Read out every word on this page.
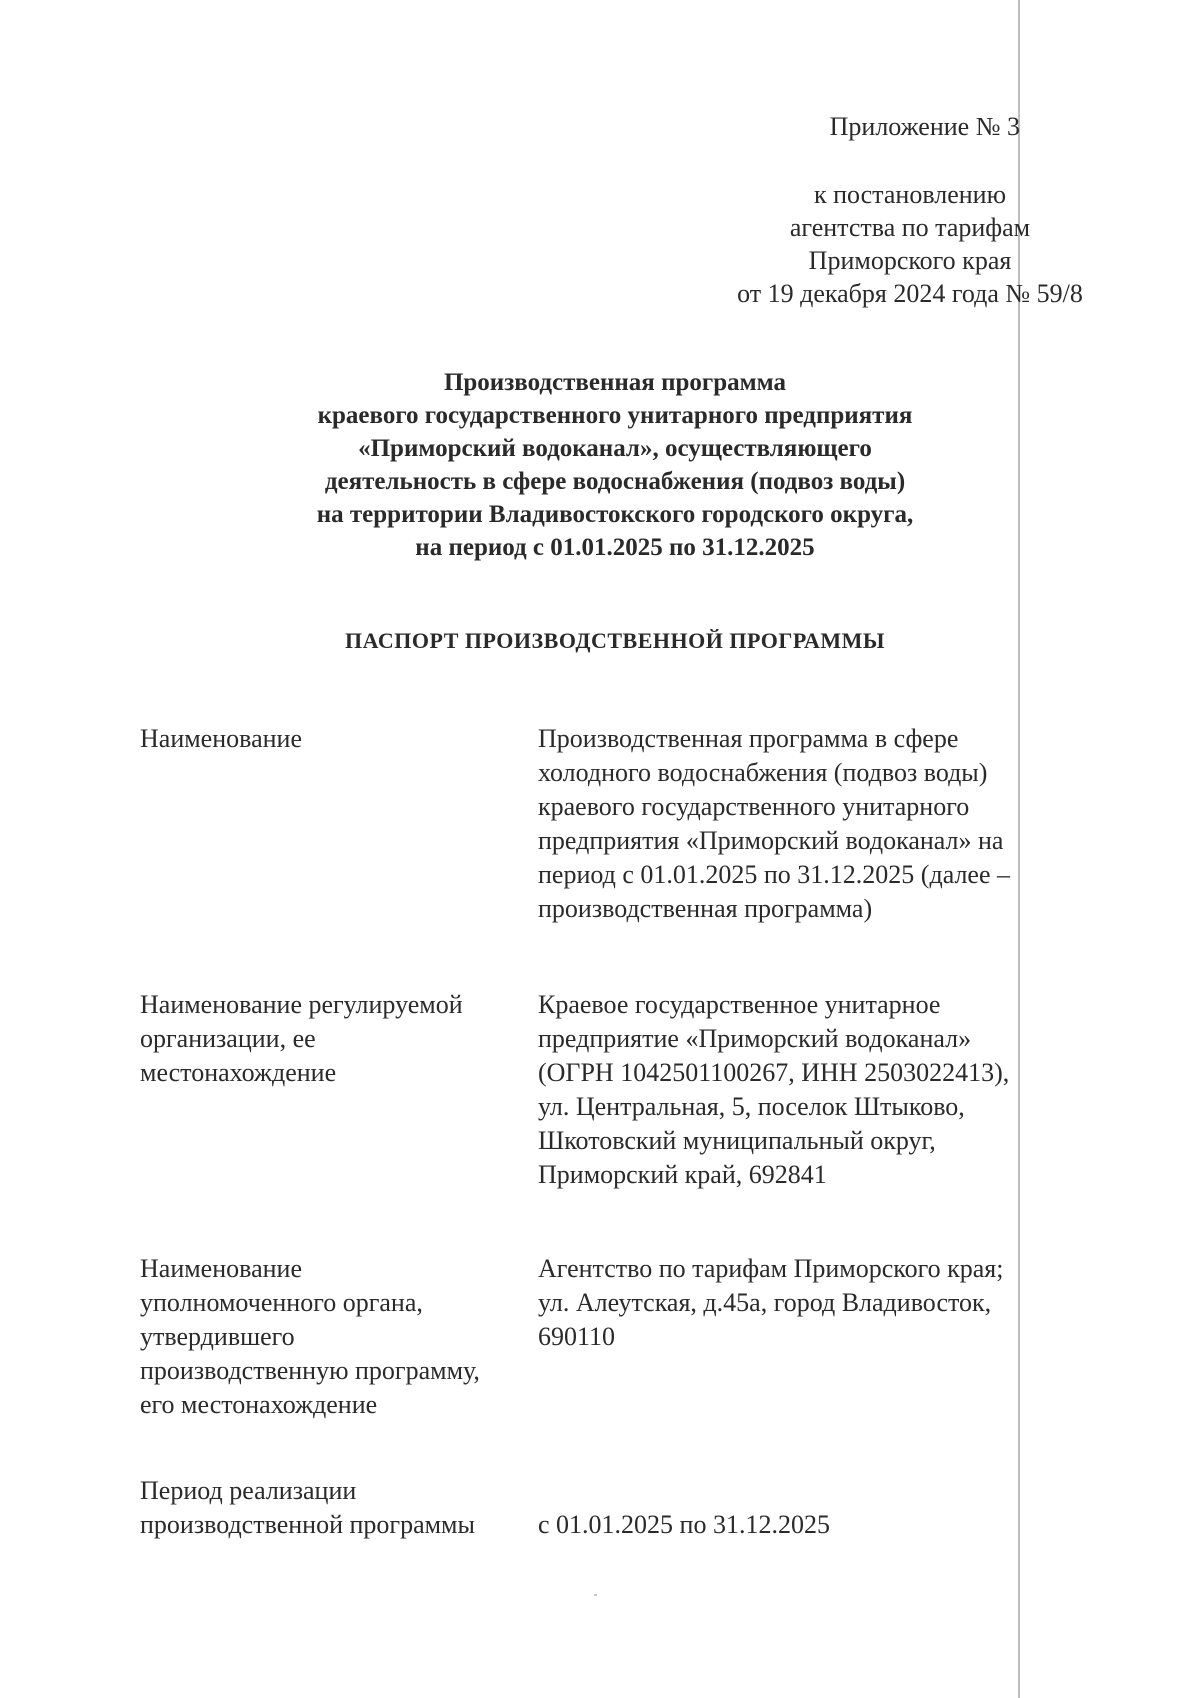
Приложение № 3
к постановлению
агентства по тарифам
Приморского края
от 19 декабря 2024 года № 59/8
Производственная программа
краевого государственного унитарного предприятия
«Приморский водоканал», осуществляющего
деятельность в сфере водоснабжения (подвоз воды)
на территории Владивостокского городского округа,
на период с 01.01.2025 по 31.12.2025
ПАСПОРТ ПРОИЗВОДСТВЕННОЙ ПРОГРАММЫ
Наименование	Производственная программа в сфере
холодного водоснабжения (подвоз воды)
краевого государственного унитарного
предприятия «Приморский водоканал» на
период с 01.01.2025 по 31.12.2025 (далее –
производственная программа)
Наименование регулируемой
организации, ее
местонахождение
Краевое государственное унитарное
предприятие «Приморский водоканал»
(ОГРН 1042501100267, ИНН 2503022413),
ул. Центральная, 5, поселок Штыково,
Шкотовский муниципальный округ,
Приморский край, 692841
Наименование
уполномоченного органа,
утвердившего
производственную программу,
его местонахождение
Агентство по тарифам Приморского края;
ул. Алеутская, д.45а, город Владивосток,
690110
Период реализации
производственной программы	с 01.01.2025 по 31.12.2025
